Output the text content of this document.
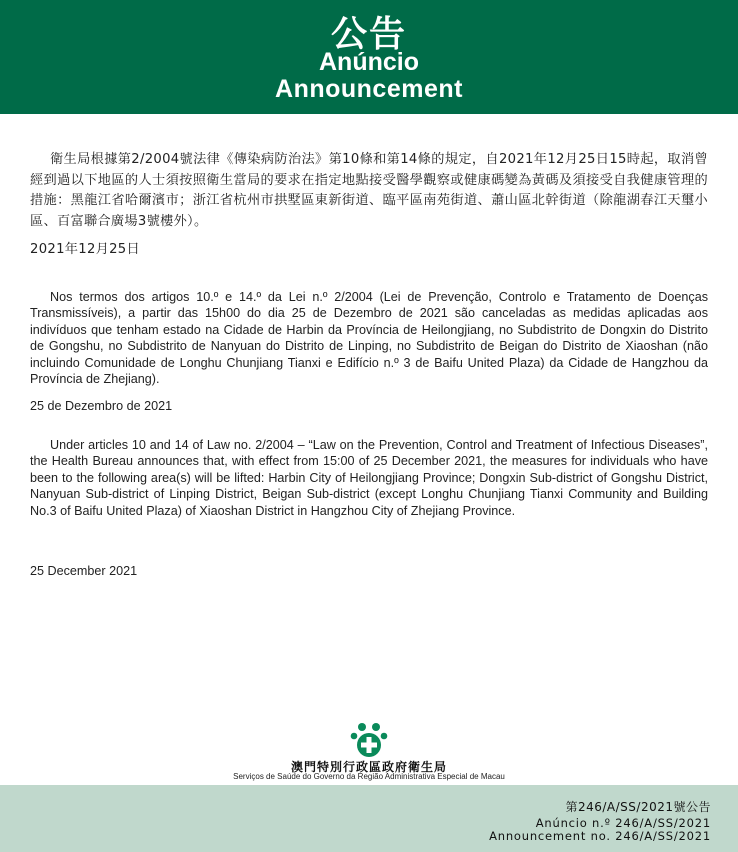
公告
Anúncio
Announcement
衛生局根據第2/2004號法律《傳染病防治法》第10條和第14條的規定，自2021年12月25日15時起，取消曾經到過以下地區的人士須按照衛生當局的要求在指定地點接受醫學觀察或健康碼變為黃碼及須接受自我健康管理的措施：黑龍江省哈爾濱市；浙江省杭州市拱墅區東新街道、臨平區南苑街道、蕭山區北幹街道（除龍湖春江天璽小區、百富聯合廣場3號樓外）。
2021年12月25日
Nos termos dos artigos 10.º e 14.º da Lei n.º 2/2004 (Lei de Prevenção, Controlo e Tratamento de Doenças Transmissíveis), a partir das 15h00 do dia 25 de Dezembro de 2021 são canceladas as medidas aplicadas aos indivíduos que tenham estado na Cidade de Harbin da Província de Heilongjiang, no Subdistrito de Dongxin do Distrito de Gongshu, no Subdistrito de Nanyuan do Distrito de Linping, no Subdistrito de Beigan do Distrito de Xiaoshan (não incluindo Comunidade de Longhu Chunjiang Tianxi e Edifício n.º 3 de Baifu United Plaza) da Cidade de Hangzhou da Província de Zhejiang).
25 de Dezembro de 2021
Under articles 10 and 14 of Law no. 2/2004 – “Law on the Prevention, Control and Treatment of Infectious Diseases”, the Health Bureau announces that, with effect from 15:00 of 25 December 2021, the measures for individuals who have been to the following area(s) will be lifted: Harbin City of Heilongjiang Province; Dongxin Sub-district of Gongshu District, Nanyuan Sub-district of Linping District, Beigan Sub-district (except Longhu Chunjiang Tianxi Community and Building No.3 of Baifu United Plaza) of Xiaoshan District in Hangzhou City of Zhejiang Province.
25 December 2021
澳門特別行政區政府衛生局
Serviços de Saúde do Governo da Região Administrativa Especial de Macau
第246/A/SS/2021號公告
Anúncio n.º 246/A/SS/2021
Announcement no. 246/A/SS/2021
